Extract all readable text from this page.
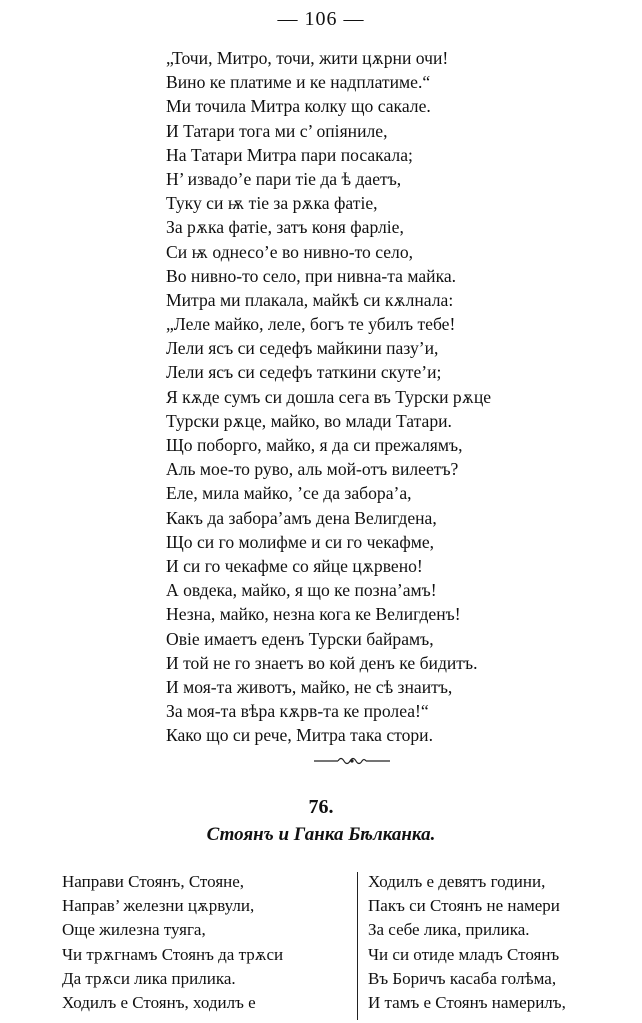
— 106 —
„Точи, Митро, точи, жити цѫрни очи!
Вино ке платиме и ке надплатиме.“
Ми точила Митра колку що сакале.
И Татари тога ми с’ опіяниле,
На Татари Митра пари посакала;
Н’ извадо’е пари тіе да ѣ даетъ,
Туку си ѭ тіе за рѫка фатіе,
За рѫка фатіе, затъ коня фарліе,
Си ѭ однесо’е во нивно-то село,
Во нивно-то село, при нивна-та майка.
Митра ми плакала, майкѣ си кѫлнала:
„Леле майко, леле, богъ те убилъ тебе!
Лели ясъ си седефъ майкини пазу’и,
Лели ясъ си седефъ таткини скуте’и;
Я кѫде сумъ си дошла сега въ Турски рѫце
Турски рѫце, майко, во млади Татари.
Що поборго, майко, я да си прежалямъ,
Аль мое-то руво, аль мой-отъ вилеетъ?
Еле, мила майко, ’се да забора’а,
Какъ да забора’амъ дена Велигдена,
Що си го молифме и си го чекафме,
И си го чекафме со яйце цѫрвено!
А овдека, майко, я що ке позна’амъ!
Незна, майко, незна кога ке Велигденъ!
Овіе имаетъ еденъ Турски байрамъ,
И той не го знаетъ во кой денъ ке бидитъ.
И моя-та животъ, майко, не сѣ знаитъ,
За моя-та вѣра кѫрв-та ке пролеа!“
Како що си рече, Митра така стори.
76.
Стоянъ и Ганка Бѣлканка.
Направи Стоянъ, Стояне,
Направ’ железни цѫрвули,
Още жилезна туяга,
Чи трѫгнамъ Стоянъ да трѫси
Да трѫси лика прилика.
Ходилъ е Стоянъ, ходилъ е
Ходилъ е девятъ години,
Пакъ си Стоянъ не намери
За себе лика, прилика.
Чи си отиде младъ Стоянъ
Въ Боричъ касаба голѣма,
И тамъ е Стоянъ намерилъ,
